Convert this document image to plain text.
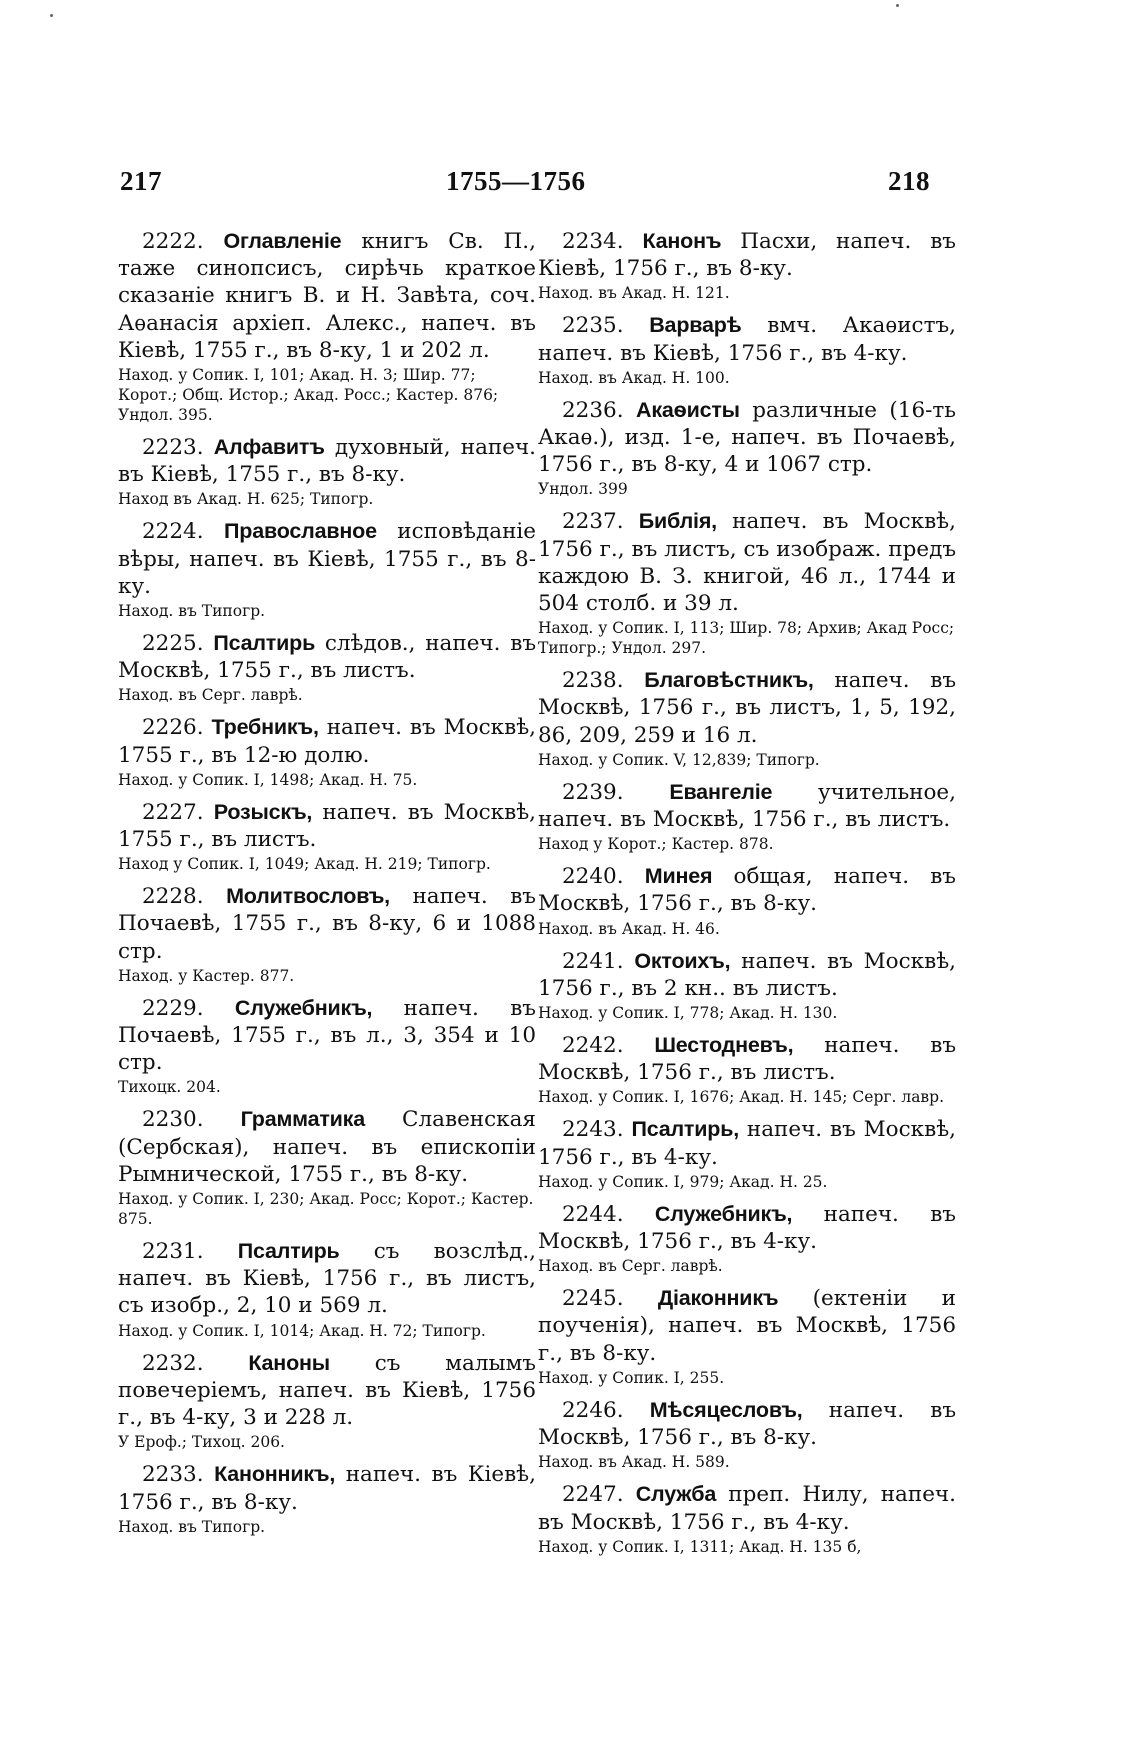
217	1755—1756	218
2222. Оглавленіе книгъ Св. П., таже синопсисъ, сирѣчь краткое сказаніе книгъ В. и Н. Завѣта, соч. Аѳанасія архіеп. Алекс., напеч. въ Кіевѣ, 1755 г., въ 8-ку, 1 и 202 л.
Наход. у Сопик. I, 101; Акад. Н. 3; Шир. 77; Корот.; Общ. Истор.; Акад. Росс.; Кастер. 876; Ундол. 395.
2223. Алфавитъ духовный, напеч. въ Кіевѣ, 1755 г., въ 8-ку.
Наход въ Акад. Н. 625; Типогр.
2224. Православное исповѣданіе вѣры, напеч. въ Кіевѣ, 1755 г., въ 8-ку.
Наход. въ Типогр.
2225. Псалтирь слѣдов., напеч. въ Москвѣ, 1755 г., въ листъ.
Наход. въ Серг. лаврѣ.
2226. Требникъ, напеч. въ Москвѣ, 1755 г., въ 12-ю долю.
Наход. у Сопик. I, 1498; Акад. Н. 75.
2227. Розыскъ, напеч. въ Москвѣ, 1755 г., въ листъ.
Наход у Сопик. I, 1049; Акад. Н. 219; Типогр.
2228. Молитвословъ, напеч. въ Почаевѣ, 1755 г., въ 8-ку, 6 и 1088 стр.
Наход. у Кастер. 877.
2229. Служебникъ, напеч. въ Почаевѣ, 1755 г., въ л., 3, 354 и 10 стр.
Тихоцк. 204.
2230. Грамматика Славенская (Сербская), напеч. въ епископіи Рымнической, 1755 г., въ 8-ку.
Наход. у Сопик. I, 230; Акад. Росс; Корот.; Кастер. 875.
2231. Псалтирь съ возслѣд., напеч. въ Кіевѣ, 1756 г., въ листъ, съ изобр., 2, 10 и 569 л.
Наход. у Сопик. I, 1014; Акад. Н. 72; Типогр.
2232. Каноны съ малымъ повечеріемъ, напеч. въ Кіевѣ, 1756 г., въ 4-ку, 3 и 228 л.
У Ероф.; Тихоц. 206.
2233. Канонникъ, напеч. въ Кіевѣ, 1756 г., въ 8-ку.
Наход. въ Типогр.
2234. Канонъ Пасхи, напеч. въ Кіевѣ, 1756 г., въ 8-ку.
Наход. въ Акад. Н. 121.
2235. Варварѣ вмч. Акаѳистъ, напеч. въ Кіевѣ, 1756 г., въ 4-ку.
Наход. въ Акад. Н. 100.
2236. Акаѳисты различные (16-ть Акаѳ.), изд. 1-е, напеч. въ Почаевѣ, 1756 г., въ 8-ку, 4 и 1067 стр.
Ундол. 399
2237. Библія, напеч. въ Москвѣ, 1756 г., въ листъ, съ изображ. предъ каждою В. З. книгой, 46 л., 1744 и 504 столб. и 39 л.
Наход. у Сопик. I, 113; Шир. 78; Архив; Акад Росс; Типогр.; Ундол. 297.
2238. Благовѣстникъ, напеч. въ Москвѣ, 1756 г., въ листъ, 1, 5, 192, 86, 209, 259 и 16 л.
Наход. у Сопик. V, 12,839; Типогр.
2239. Евангеліе учительное, напеч. въ Москвѣ, 1756 г., въ листъ.
Наход у Корот.; Кастер. 878.
2240. Минея общая, напеч. въ Москвѣ, 1756 г., въ 8-ку.
Наход. въ Акад. Н. 46.
2241. Октоихъ, напеч. въ Москвѣ, 1756 г., въ 2 кн.. въ листъ.
Наход. у Сопик. I, 778; Акад. Н. 130.
2242. Шестодневъ, напеч. въ Москвѣ, 1756 г., въ листъ.
Наход. у Сопик. I, 1676; Акад. Н. 145; Серг. лавр.
2243. Псалтирь, напеч. въ Москвѣ, 1756 г., въ 4-ку.
Наход. у Сопик. I, 979; Акад. Н. 25.
2244. Служебникъ, напеч. въ Москвѣ, 1756 г., въ 4-ку.
Наход. въ Серг. лаврѣ.
2245. Діаконникъ (ектеніи и поученія), напеч. въ Москвѣ, 1756 г., въ 8-ку.
Наход. у Сопик. I, 255.
2246. Мѣсяцесловъ, напеч. въ Москвѣ, 1756 г., въ 8-ку.
Наход. въ Акад. Н. 589.
2247. Служба преп. Нилу, напеч. въ Москвѣ, 1756 г., въ 4-ку.
Наход. у Сопик. I, 1311; Акад. Н. 135 б,
